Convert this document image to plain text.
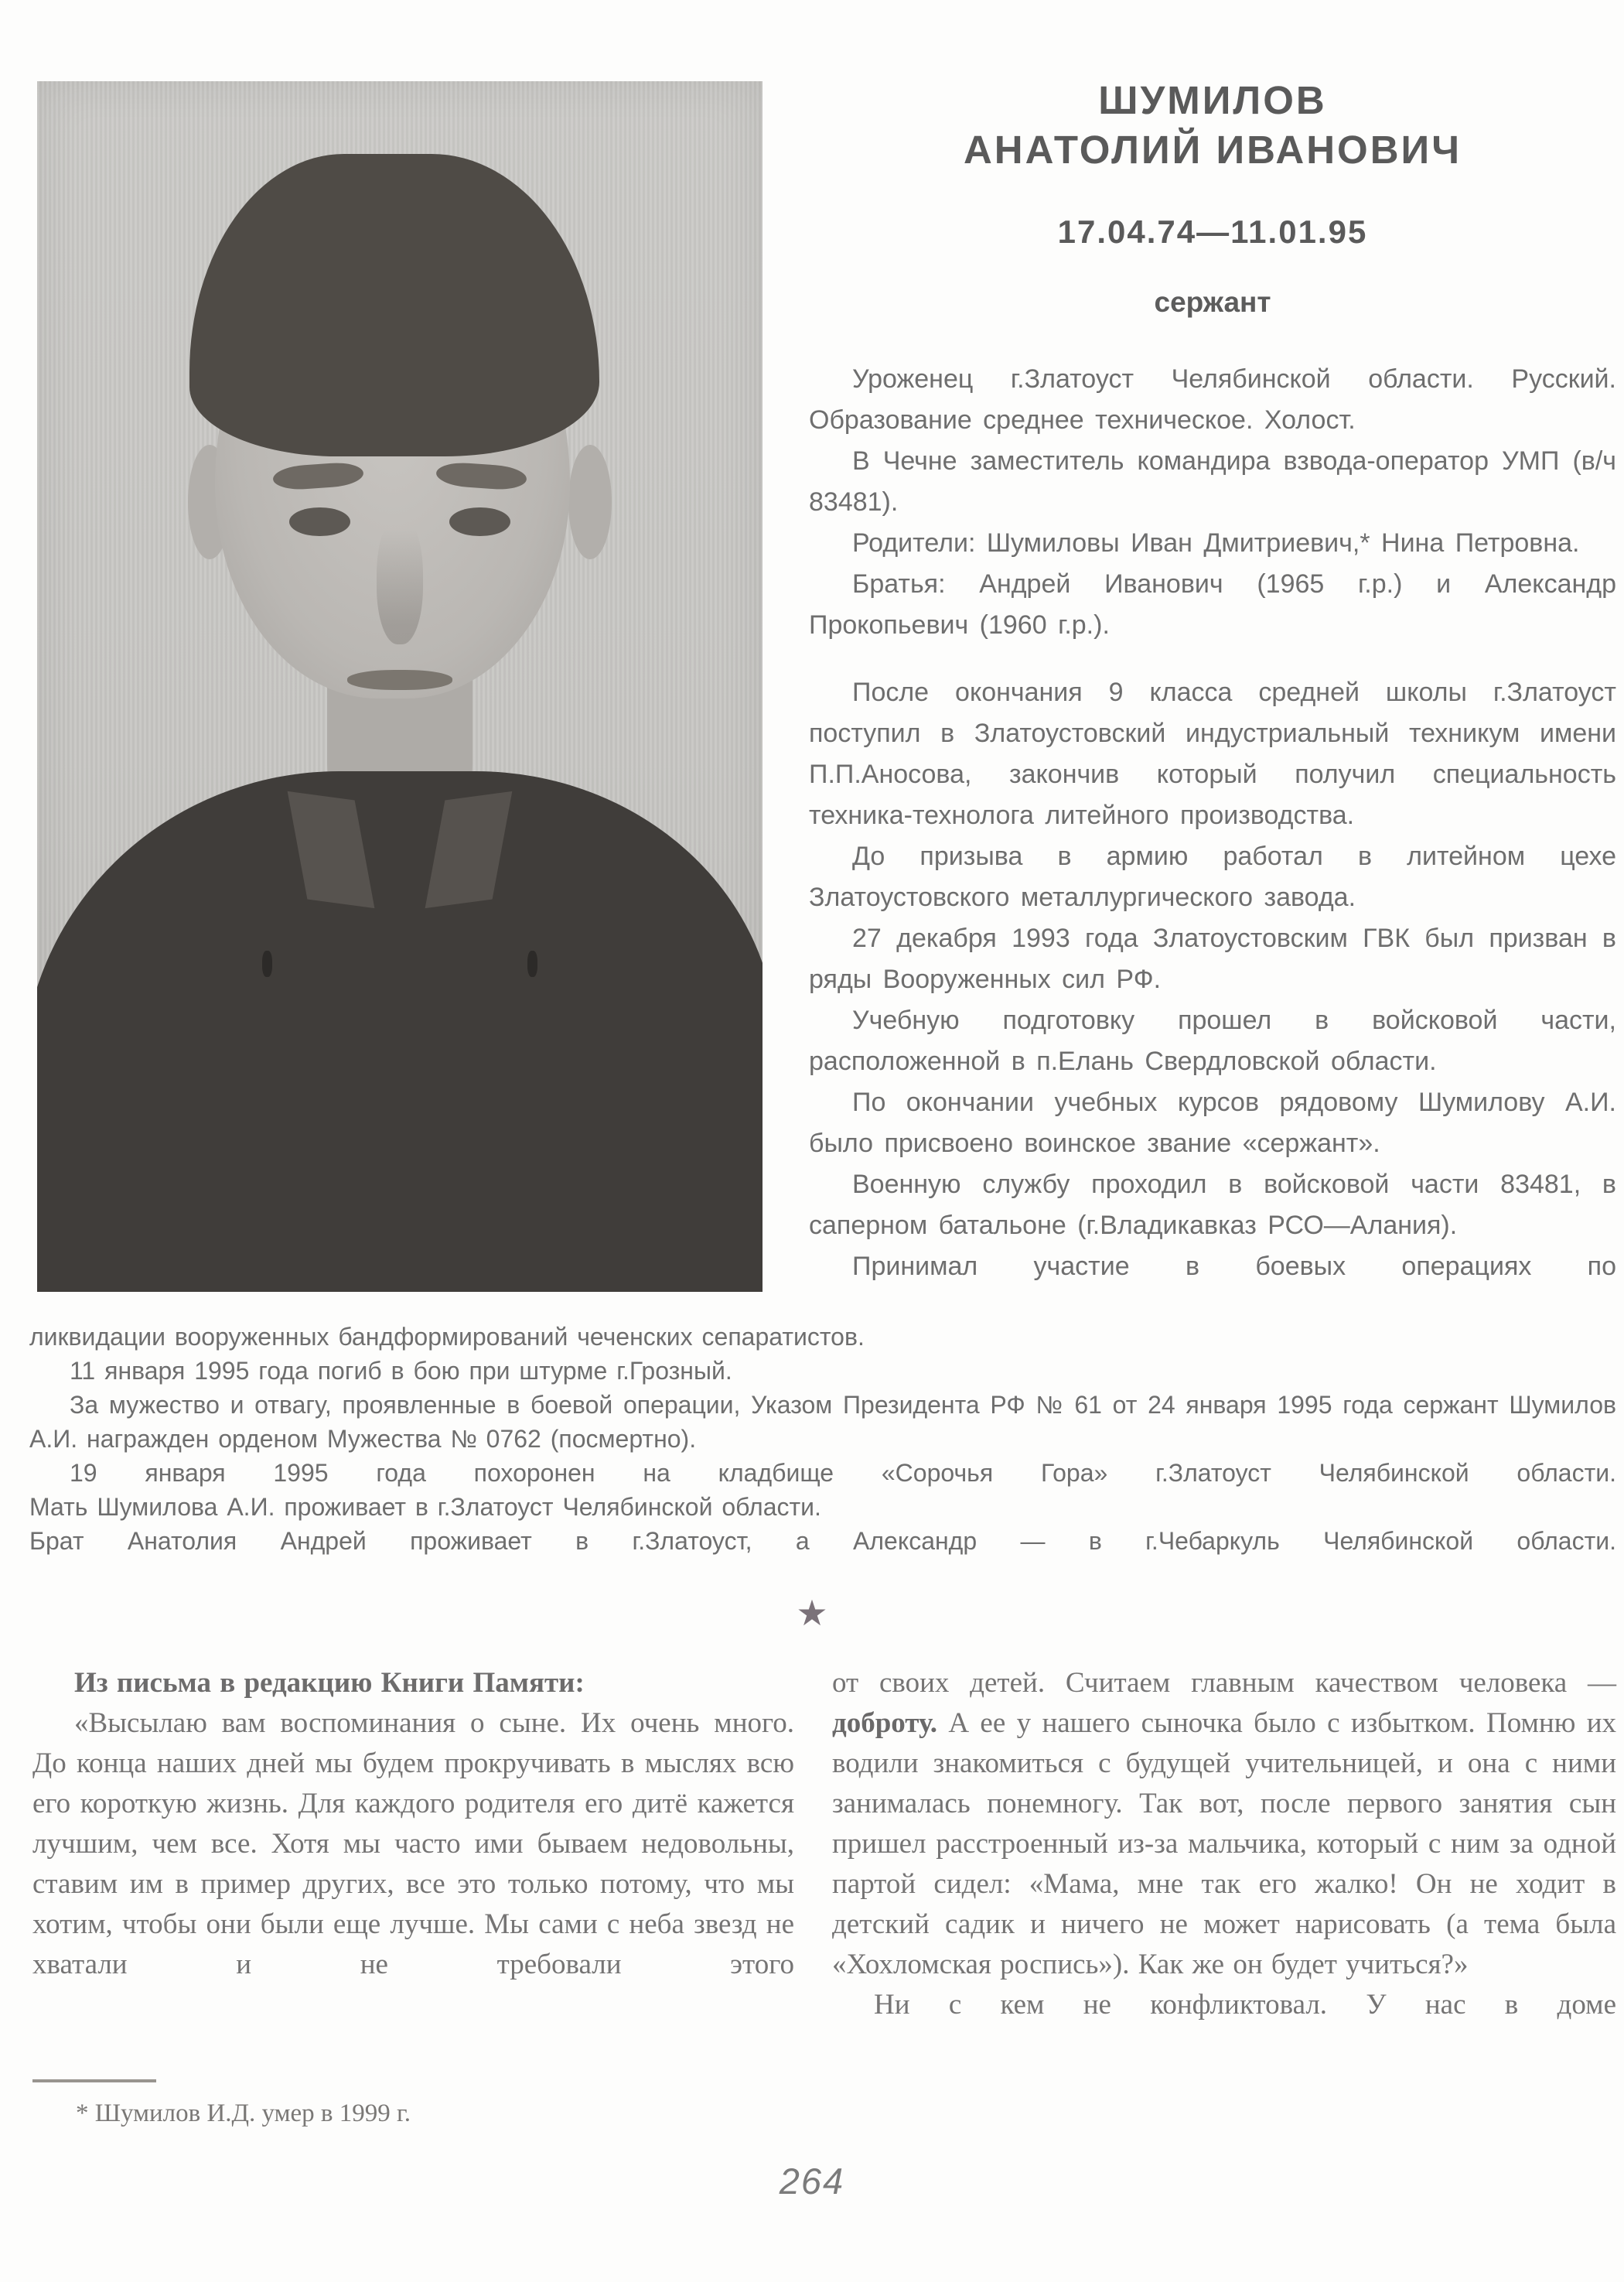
ШУМИЛОВ

АНАТОЛИЙ ИВАНОВИЧ

17.04.74—11.01.95

сержант

Уроженец г.Златоуст Челябинской области. Русский. Образование среднее техническое. Холост.

В Чечне заместитель командира взвода-оператор УМП (в/ч 83481).

Родители: Шумиловы Иван Дмитриевич,* Нина Петровна.

Братья: Андрей Иванович (1965 г.р.) и Александр Прокопьевич (1960 г.р.).

После окончания 9 класса средней школы г.Златоуст поступил в Златоустовский индустриальный техникум имени П.П.Аносова, закончив который получил специальность техника-технолога литейного производства.

До призыва в армию работал в литейном цехе Златоустовского металлургического завода.

27 декабря 1993 года Златоустовским ГВК был призван в ряды Вооруженных сил РФ.

Учебную подготовку прошел в войсковой части, расположенной в п.Елань Свердловской области.

По окончании учебных курсов рядовому Шумилову А.И. было присвоено воинское звание «сержант».

Военную службу проходил в войсковой части 83481, в саперном батальоне (г.Владикавказ РСО—​Алания).

Принимал участие в боевых операциях по

ликвидации вооруженных бандформирований чеченских сепаратистов.

11 января 1995 года погиб в бою при штурме г.Грозный.

За мужество и отвагу, проявленные в боевой операции, Указом Президента РФ № 61 от 24 января 1995 года сержант Шумилов А.И. награжден орденом Мужества № 0762 (посмертно).

19 января 1995 года похоронен на кладбище «Сорочья Гора» г.Златоуст Челябинской области.

Мать Шумилова А.И. проживает в г.Златоуст Челябинской области.

Брат Анатолия Андрей проживает в г.Златоуст, а Александр — в г.Чебаркуль Челябинской области.

★

Из письма в редакцию Книги Памяти:

«Высылаю вам воспоминания о сыне. Их очень много. До конца наших дней мы будем прокручивать в мыслях всю его короткую жизнь. Для каждого родителя его дитё кажется лучшим, чем все. Хотя мы часто ими бываем недовольны, ставим им в пример других, все это только потому, что мы хотим, чтобы они были еще лучше. Мы сами с неба звезд не хватали и не требовали этого

от своих детей. Считаем главным качеством человека — доброту. А ее у нашего сыночка было с избытком. Помню их водили знакомиться с будущей учительницей, и она с ними занималась понемногу. Так вот, после первого занятия сын пришел расстроенный из-за мальчика, который с ним за одной партой сидел: «Мама, мне так его жалко! Он не ходит в детский садик и ничего не может нарисовать (а тема была «Хохломская роспись»). Как же он будет учиться?»

Ни с кем не конфликтовал. У нас в доме

* Шумилов И.Д. умер в 1999 г.

264
